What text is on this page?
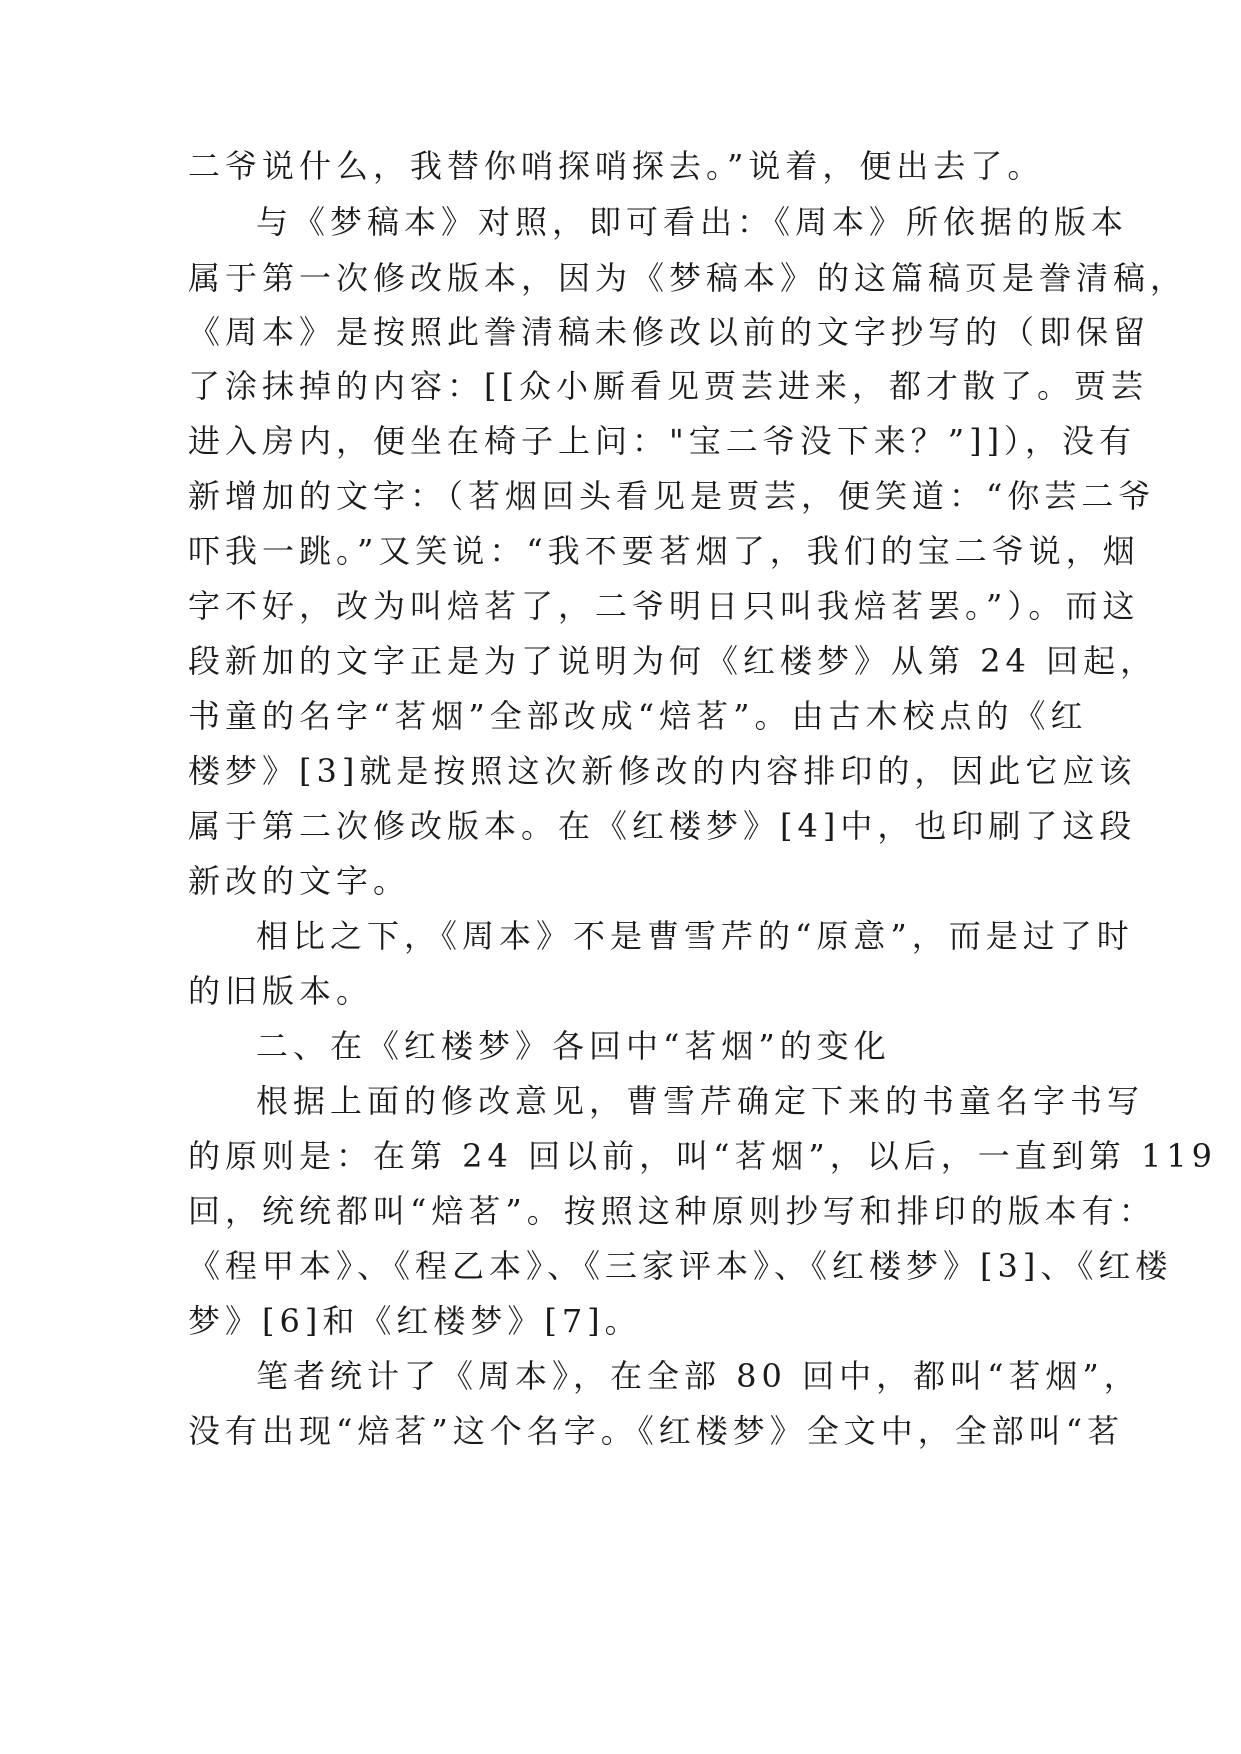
二爷说什么，我替你哨探哨探去。”说着，便出去了。
与《梦稿本》对照，即可看出：《周本》所依据的版本
属于第一次修改版本，因为《梦稿本》的这篇稿页是誊清稿，
《周本》是按照此誊清稿未修改以前的文字抄写的（即保留
了涂抹掉的内容：[[众小厮看见贾芸进来，都才散了。贾芸
进入房内，便坐在椅子上问："宝二爷没下来？”]]），没有
新增加的文字：（茗烟回头看见是贾芸，便笑道：“你芸二爷
吓我一跳。”又笑说：“我不要茗烟了，我们的宝二爷说，烟
字不好，改为叫焙茗了，二爷明日只叫我焙茗罢。”）。而这
段新加的文字正是为了说明为何《红楼梦》从第 24 回起，
书童的名字“茗烟”全部改成“焙茗”。由古木校点的《红
楼梦》[3]就是按照这次新修改的内容排印的，因此它应该
属于第二次修改版本。在《红楼梦》[4]中，也印刷了这段
新改的文字。
相比之下，《周本》不是曹雪芹的“原意”，而是过了时
的旧版本。
二、在《红楼梦》各回中“茗烟”的变化
根据上面的修改意见，曹雪芹确定下来的书童名字书写
的原则是：在第 24 回以前，叫“茗烟”，以后，一直到第 119
回，统统都叫“焙茗”。按照这种原则抄写和排印的版本有：
《程甲本》、《程乙本》、《三家评本》、《红楼梦》[3]、《红楼
梦》[6]和《红楼梦》[7]。
笔者统计了《周本》，在全部 80 回中，都叫“茗烟”，
没有出现“焙茗”这个名字。《红楼梦》全文中，全部叫“茗
